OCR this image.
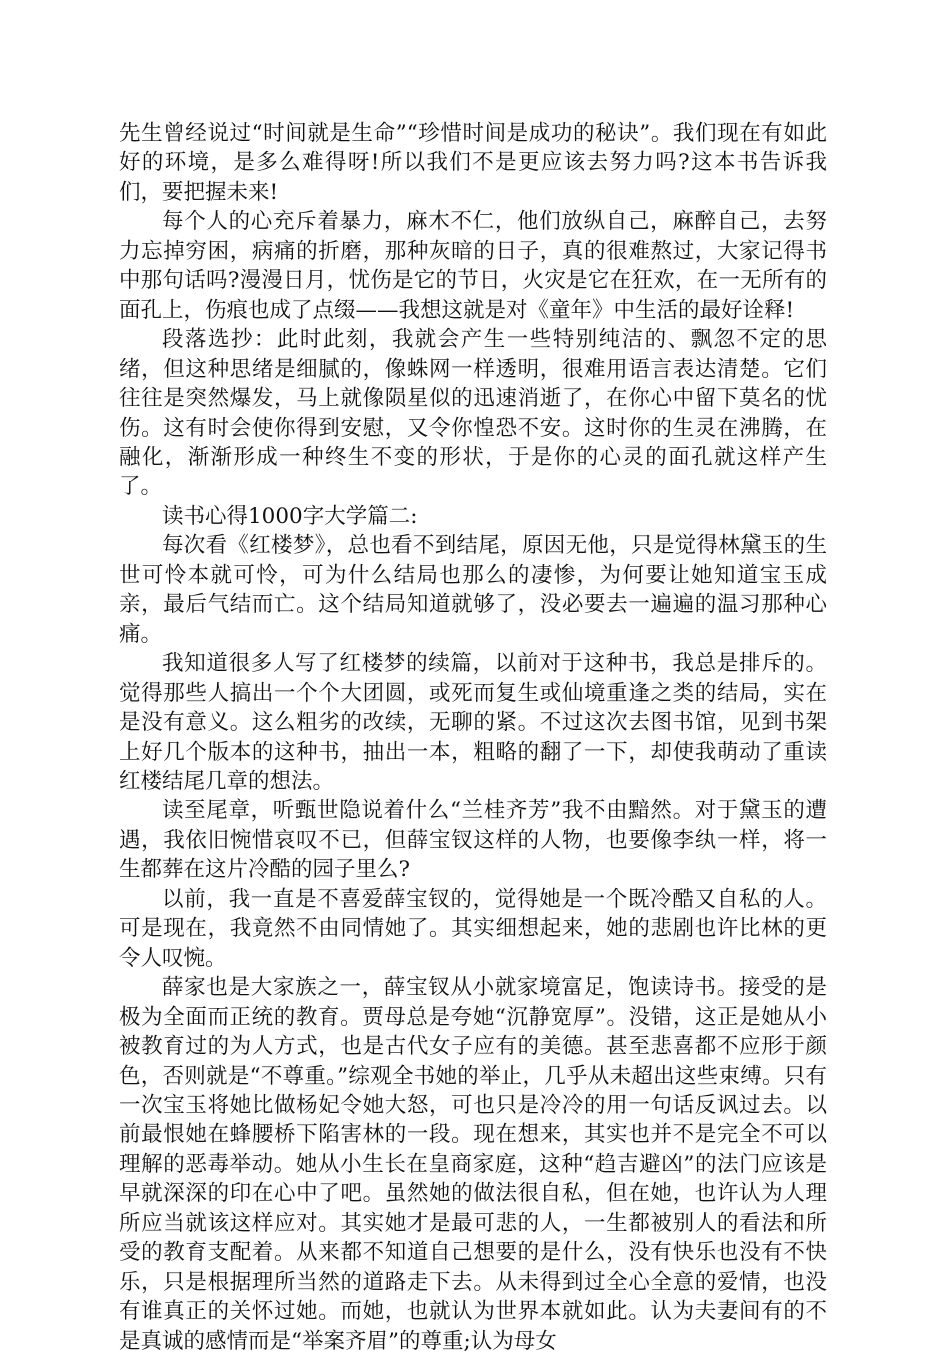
先生曾经说过“时间就是生命”“珍惜时间是成功的秘诀”。我们现在有如此好的环境，是多么难得呀!所以我们不是更应该去努力吗?这本书告诉我们，要把握未来!

每个人的心充斥着暴力，麻木不仁，他们放纵自己，麻醉自己，去努力忘掉穷困，病痛的折磨，那种灰暗的日子，真的很难熬过，大家记得书中那句话吗?漫漫日月，忧伤是它的节日，火灾是它在狂欢，在一无所有的面孔上，伤痕也成了点缀——我想这就是对《童年》中生活的最好诠释!

段落选抄：此时此刻，我就会产生一些特别纯洁的、飘忽不定的思绪，但这种思绪是细腻的，像蛛网一样透明，很难用语言表达清楚。它们往往是突然爆发，马上就像陨星似的迅速消逝了，在你心中留下莫名的忧伤。这有时会使你得到安慰，又令你惶恐不安。这时你的生灵在沸腾，在融化，渐渐形成一种终生不变的形状，于是你的心灵的面孔就这样产生了。

读书心得1000字大学篇二:

每次看《红楼梦》，总也看不到结尾，原因无他，只是觉得林黛玉的生世可怜本就可怜，可为什么结局也那么的凄惨，为何要让她知道宝玉成亲，最后气结而亡。这个结局知道就够了，没必要去一遍遍的温习那种心痛。

我知道很多人写了红楼梦的续篇，以前对于这种书，我总是排斥的。觉得那些人搞出一个个大团圆，或死而复生或仙境重逢之类的结局，实在是没有意义。这么粗劣的改续，无聊的紧。不过这次去图书馆，见到书架上好几个版本的这种书，抽出一本，粗略的翻了一下，却使我萌动了重读红楼结尾几章的想法。

读至尾章，听甄世隐说着什么“兰桂齐芳”我不由黯然。对于黛玉的遭遇，我依旧惋惜哀叹不已，但薛宝钗这样的人物，也要像李纨一样，将一生都葬在这片冷酷的园子里么?

以前，我一直是不喜爱薛宝钗的，觉得她是一个既冷酷又自私的人。可是现在，我竟然不由同情她了。其实细想起来，她的悲剧也许比林的更令人叹惋。

薛家也是大家族之一，薛宝钗从小就家境富足，饱读诗书。接受的是极为全面而正统的教育。贾母总是夸她“沉静宽厚”。没错，这正是她从小被教育过的为人方式，也是古代女子应有的美德。甚至悲喜都不应形于颜色，否则就是“不尊重。”综观全书她的举止，几乎从未超出这些束缚。只有一次宝玉将她比做杨妃令她大怒，可也只是冷冷的用一句话反讽过去。以前最恨她在蜂腰桥下陷害林的一段。现在想来，其实也并不是完全不可以理解的恶毒举动。她从小生长在皇商家庭，这种“趋吉避凶”的法门应该是早就深深的印在心中了吧。虽然她的做法很自私，但在她，也许认为人理所应当就该这样应对。其实她才是最可悲的人，一生都被别人的看法和所受的教育支配着。从来都不知道自己想要的是什么，没有快乐也没有不快乐，只是根据理所当然的道路走下去。从未得到过全心全意的爱情，也没有谁真正的关怀过她。而她，也就认为世界本就如此。认为夫妻间有的不是真诚的感情而是“举案齐眉”的尊重;认为母女
